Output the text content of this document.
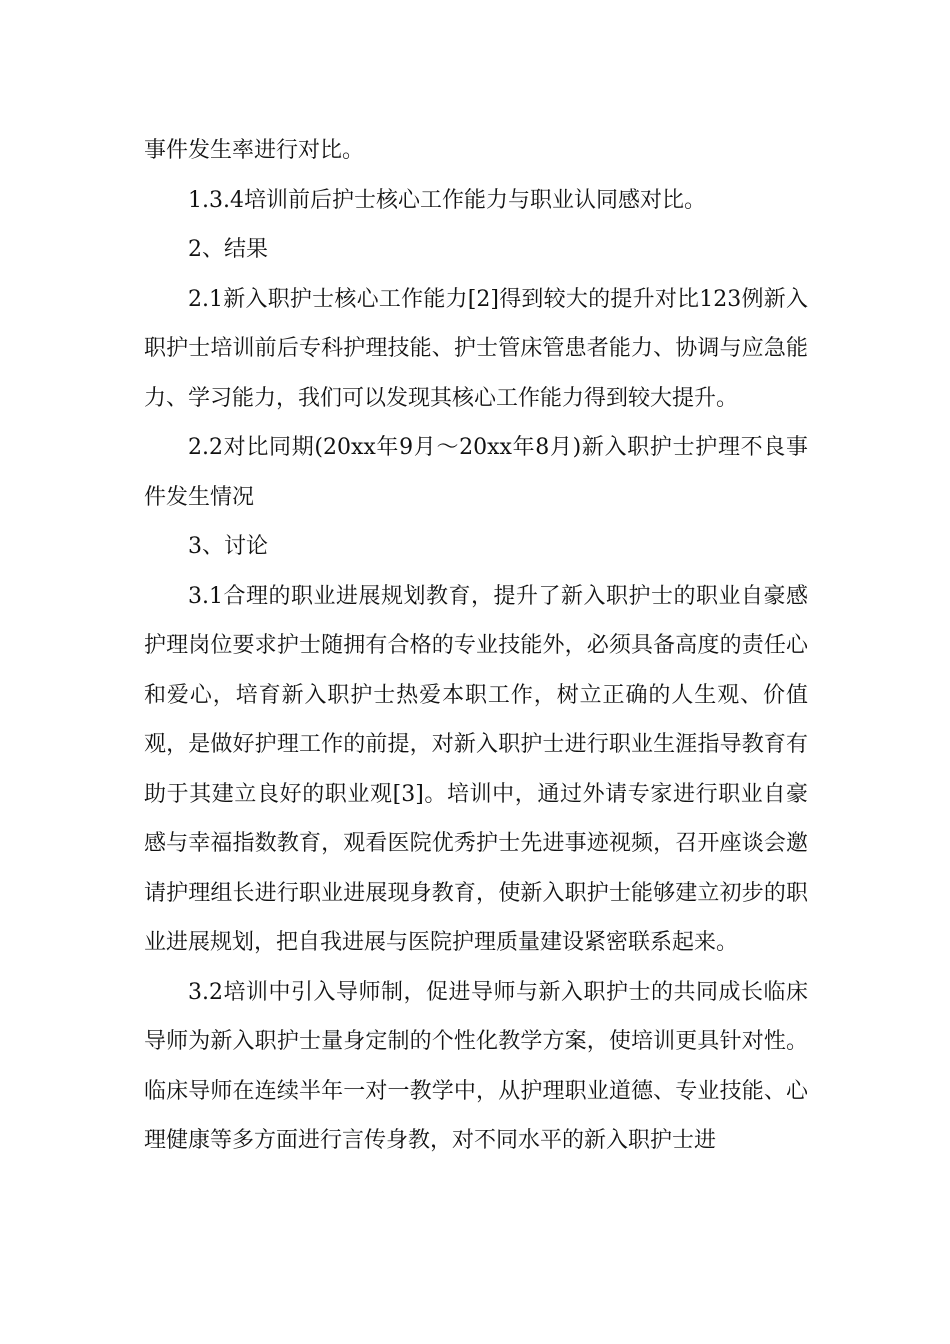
事件发生率进行对比。

1.3.4培训前后护士核心工作能力与职业认同感对比。

2、结果

2.1新入职护士核心工作能力[2]得到较大的提升对比123例新入职护士培训前后专科护理技能、护士管床管患者能力、协调与应急能力、学习能力，我们可以发现其核心工作能力得到较大提升。

2.2对比同期(20xx年9月～20xx年8月)新入职护士护理不良事件发生情况

3、讨论

3.1合理的职业进展规划教育，提升了新入职护士的职业自豪感护理岗位要求护士随拥有合格的专业技能外，必须具备高度的责任心和爱心，培育新入职护士热爱本职工作，树立正确的人生观、价值观，是做好护理工作的前提，对新入职护士进行职业生涯指导教育有助于其建立良好的职业观[3]。培训中，通过外请专家进行职业自豪感与幸福指数教育，观看医院优秀护士先进事迹视频，召开座谈会邀请护理组长进行职业进展现身教育，使新入职护士能够建立初步的职业进展规划，把自我进展与医院护理质量建设紧密联系起来。

3.2培训中引入导师制，促进导师与新入职护士的共同成长临床导师为新入职护士量身定制的个性化教学方案，使培训更具针对性。临床导师在连续半年一对一教学中，从护理职业道德、专业技能、心理健康等多方面进行言传身教，对不同水平的新入职护士进
